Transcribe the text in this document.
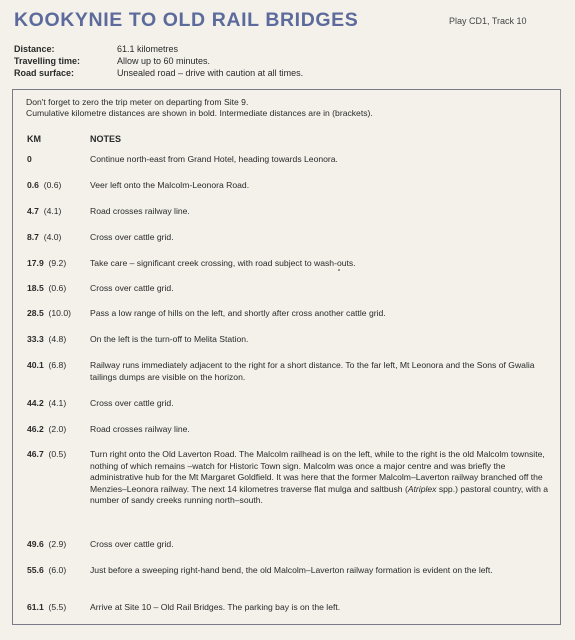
KOOKYNIE TO OLD RAIL BRIDGES	Play CD1, Track 10
Distance:	61.1 kilometres
Travelling time:	Allow up to 60 minutes.
Road surface:	Unsealed road – drive with caution at all times.
Don't forget to zero the trip meter on departing from Site 9.
Cumulative kilometre distances are shown in bold. Intermediate distances are in (brackets).
KM	NOTES
0	Continue north-east from Grand Hotel, heading towards Leonora.
0.6 (0.6)	Veer left onto the Malcolm-Leonora Road.
4.7 (4.1)	Road crosses railway line.
8.7 (4.0)	Cross over cattle grid.
17.9 (9.2)	Take care – significant creek crossing, with road subject to wash-outs.
18.5 (0.6)	Cross over cattle grid.
28.5 (10.0) Pass a low range of hills on the left, and shortly after cross another cattle grid.
33.3 (4.8)	On the left is the turn-off to Melita Station.
40.1 (6.8)	Railway runs immediately adjacent to the right for a short distance. To the far left, Mt Leonora and the Sons of Gwalia tailings dumps are visible on the horizon.
44.2 (4.1)	Cross over cattle grid.
46.2 (2.0)	Road crosses railway line.
46.7 (0.5)	Turn right onto the Old Laverton Road. The Malcolm railhead is on the left, while to the right is the old Malcolm townsite, nothing of which remains –watch for Historic Town sign. Malcolm was once a major centre and was briefly the administrative hub for the Mt Margaret Goldfield. It was here that the former Malcolm–Laverton railway branched off the Menzies–Leonora railway. The next 14 kilometres traverse flat mulga and saltbush (Atriplex spp.) pastoral country, with a number of sandy creeks running north–south.
49.6 (2.9)	Cross over cattle grid.
55.6 (6.0)	Just before a sweeping right-hand bend, the old Malcolm–Laverton railway formation is evident on the left.
61.1 (5.5)	Arrive at Site 10 – Old Rail Bridges. The parking bay is on the left.
